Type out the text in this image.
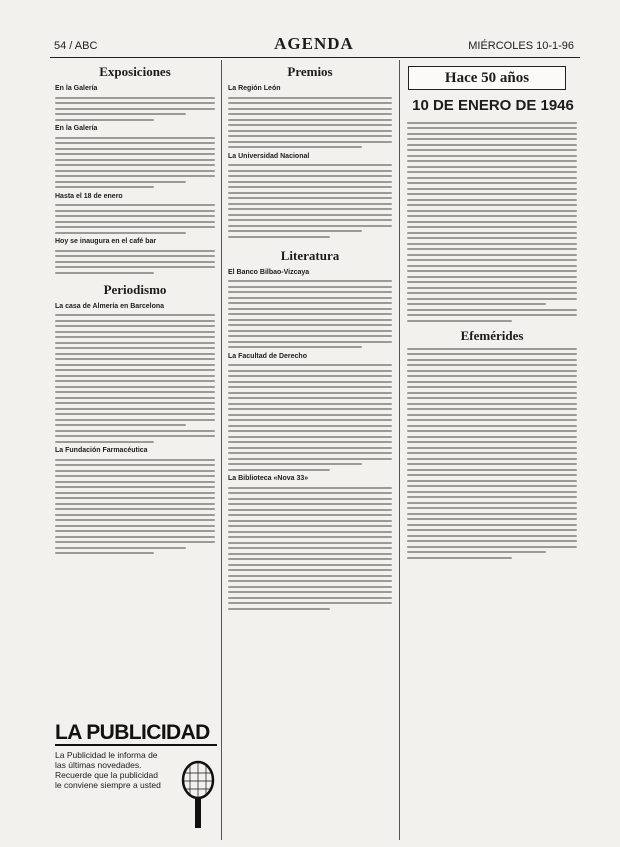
54 / ABC	AGENDA	MIÉRCOLES 10-1-96
Exposiciones
En la Galería
En la Galería
Hasta el 18 de enero
Hoy se inaugura en el café bar
Periodismo
La casa de Almería en Barcelona
La Fundación Farmacéutica
LA PUBLICIDAD
La Publicidad le informa de las últimas novedades. Recuerde que la publicidad le conviene siempre a usted
Premios
La Región León
La Universidad Nacional
Literatura
El Banco Bilbao-Vizcaya
La Facultad de Derecho
La Biblioteca «Nova 33»
Hace 50 años
10 DE ENERO DE 1946
Efemérides
